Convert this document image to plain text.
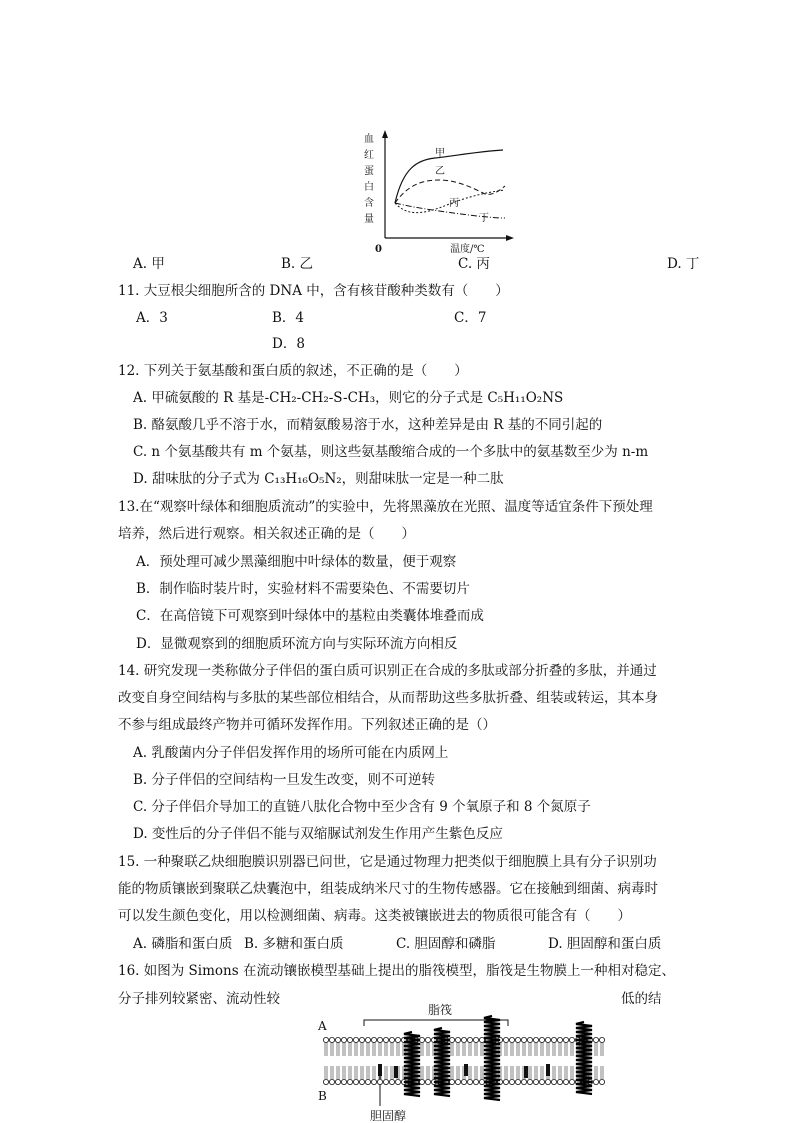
血
红
蛋
白
含
量
0	温度/℃
甲
乙
丙
丁
A. 甲	B. 乙	C. 丙	D. 丁
11. 大豆根尖细胞所含的 DNA 中，含有核苷酸种类数有（　　）
A．3	B．4	C．7
D．8
12. 下列关于氨基酸和蛋白质的叙述，不正确的是（　　）
A. 甲硫氨酸的 R 基是-CH₂-CH₂-S-CH₃，则它的分子式是 C₅H₁₁O₂NS
B. 酪氨酸几乎不溶于水，而精氨酸易溶于水，这种差异是由 R 基的不同引起的
C. n 个氨基酸共有 m 个氨基，则这些氨基酸缩合成的一个多肽中的氨基数至少为 n-m
D. 甜味肽的分子式为 C₁₃H₁₆O₅N₂，则甜味肽一定是一种二肽
13.在“观察叶绿体和细胞质流动”的实验中，先将黑藻放在光照、温度等适宜条件下预处理
培养，然后进行观察。相关叙述正确的是（　　）
A．预处理可减少黑藻细胞中叶绿体的数量，便于观察
B．制作临时装片时，实验材料不需要染色、不需要切片
C．在高倍镜下可观察到叶绿体中的基粒由类囊体堆叠而成
D．显微观察到的细胞质环流方向与实际环流方向相反
14. 研究发现一类称做分子伴侣的蛋白质可识别正在合成的多肽或部分折叠的多肽，并通过
改变自身空间结构与多肽的某些部位相结合，从而帮助这些多肽折叠、组装或转运，其本身
不参与组成最终产物并可循环发挥作用。下列叙述正确的是（）
A. 乳酸菌内分子伴侣发挥作用的场所可能在内质网上
B. 分子伴侣的空间结构一旦发生改变，则不可逆转
C. 分子伴侣介导加工的直链八肽化合物中至少含有 9 个氧原子和 8 个氮原子
D. 变性后的分子伴侣不能与双缩脲试剂发生作用产生紫色反应
15. 一种聚联乙炔细胞膜识别器已问世，它是通过物理力把类似于细胞膜上具有分子识别功
能的物质镶嵌到聚联乙炔囊泡中，组装成纳米尺寸的生物传感器。它在接触到细菌、病毒时
可以发生颜色变化，用以检测细菌、病毒。这类被镶嵌进去的物质很可能含有（　　）
A. 磷脂和蛋白质 B. 多糖和蛋白质	C. 胆固醇和磷脂	D. 胆固醇和蛋白质
16. 如图为 Simons 在流动镶嵌模型基础上提出的脂筏模型，脂筏是生物膜上一种相对稳定、
分子排列较紧密、流动性较	低的结
脂筏
A
B
胆固醇
